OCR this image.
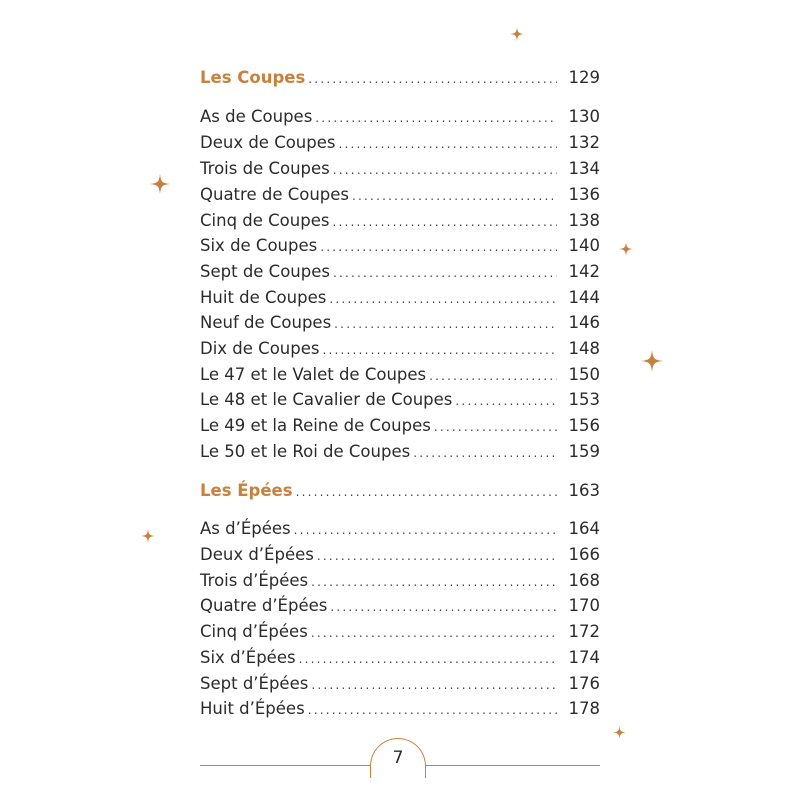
Les Coupes .....	129
As de Coupes .....	130
Deux de Coupes .....	132
Trois de Coupes .....	134
Quatre de Coupes .....	136
Cinq de Coupes .....	138
Six de Coupes .....	140
Sept de Coupes .....	142
Huit de Coupes .....	144
Neuf de Coupes .....	146
Dix de Coupes .....	148
Le 47 et le Valet de Coupes .....	150
Le 48 et le Cavalier de Coupes .....	153
Le 49 et la Reine de Coupes .....	156
Le 50 et le Roi de Coupes .....	159
Les Épées .....	163
As d’Épées .....	164
Deux d’Épées .....	166
Trois d’Épées .....	168
Quatre d’Épées .....	170
Cinq d’Épées .....	172
Six d’Épées .....	174
Sept d’Épées .....	176
Huit d’Épées .....	178
7
